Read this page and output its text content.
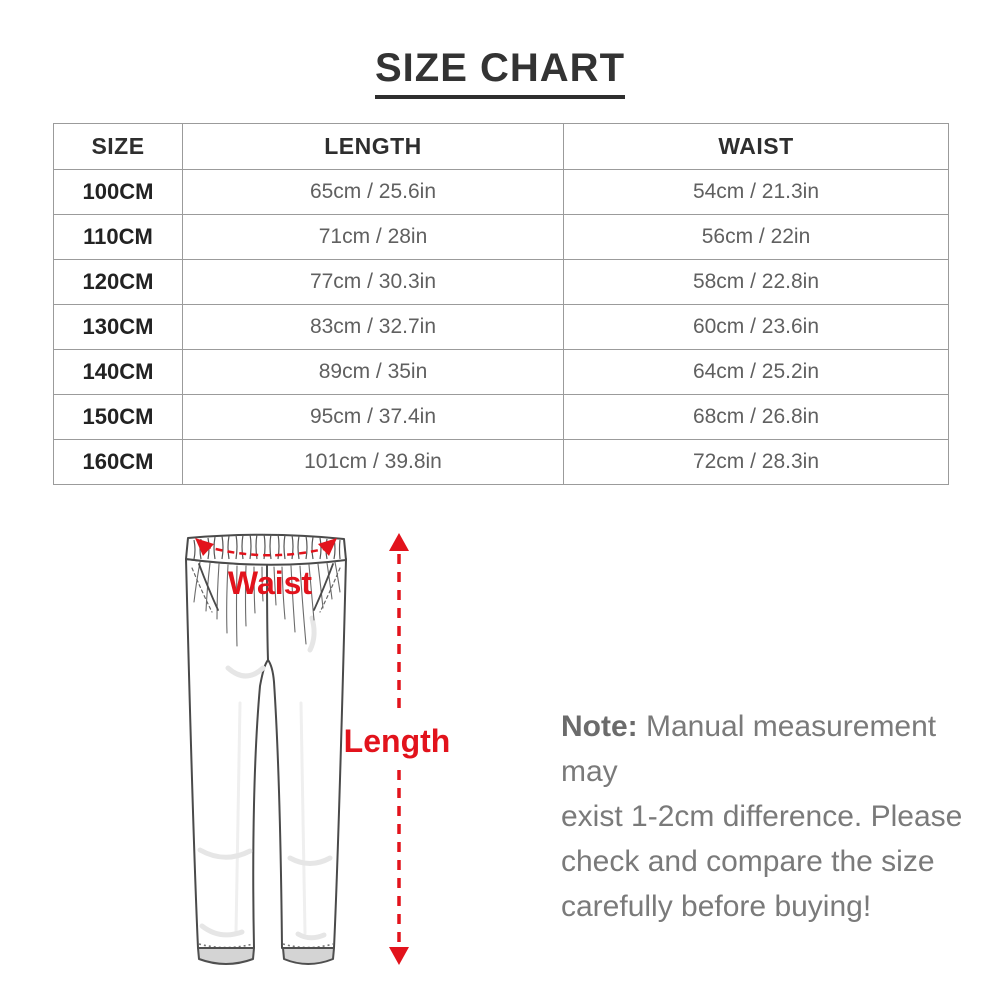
SIZE CHART
SIZE	LENGTH	WAIST
100CM	65cm / 25.6in	54cm / 21.3in
110CM	71cm / 28in	56cm / 22in
120CM	77cm / 30.3in	58cm / 22.8in
130CM	83cm / 32.7in	60cm / 23.6in
140CM	89cm / 35in	64cm / 25.2in
150CM	95cm / 37.4in	68cm / 26.8in
160CM	101cm / 39.8in	72cm / 28.3in
Waist
Length	Note: Manual measurement may
exist 1-2cm difference. Please
check and compare the size
carefully before buying!
